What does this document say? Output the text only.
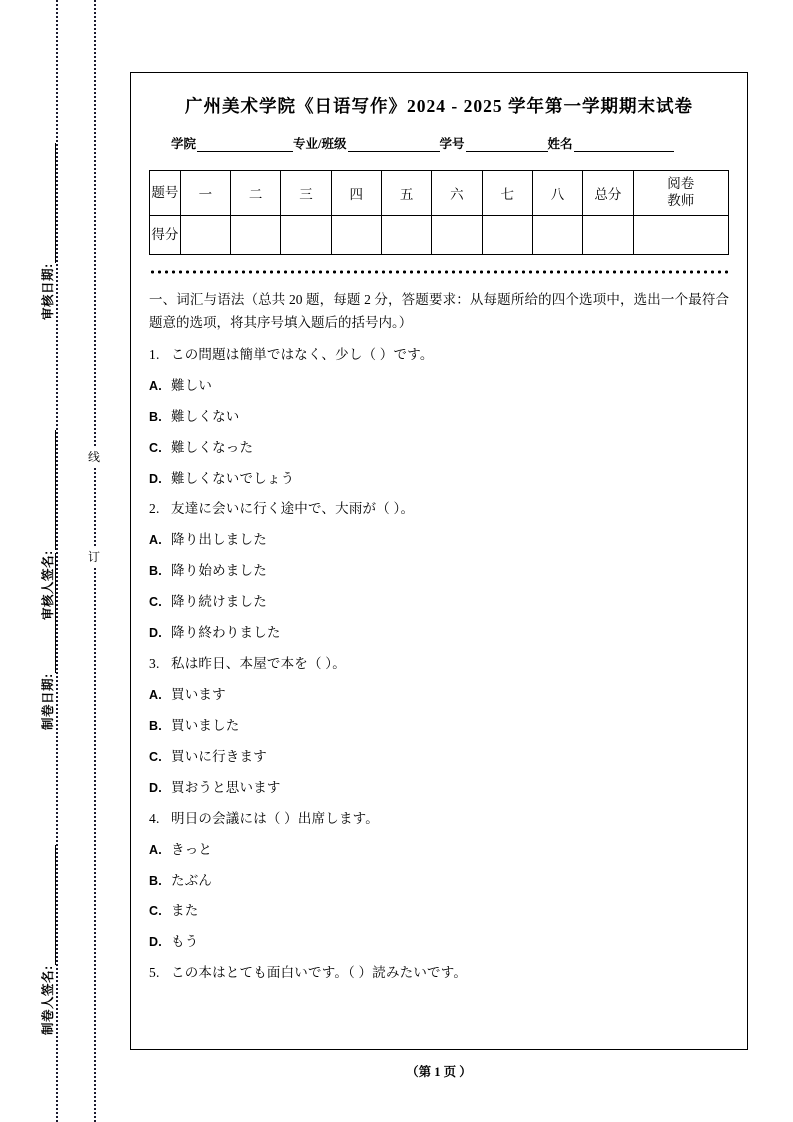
线
订
审核日期:
审核人签名:
制卷日期:
制卷人签名:
广州美术学院《日语写作》2024 - 2025 学年第一学期期末试卷
学院	专业/班级	学号	姓名
题号	一	二	三	四	五	六	七	八	总分	阅卷
教师

得分										

一、词汇与语法（总共 20 题，每题 2 分，答题要求：从每题所给的四个选项中，选出一个最符合题意的选项，将其序号填入题后的括号内。）
1. この問題は簡単ではなく、少し（ ）です。
A. 難しい
B. 難しくない
C. 難しくなった
D. 難しくないでしょう
2. 友達に会いに行く途中で、大雨が（ ）。
A. 降り出しました
B. 降り始めました
C. 降り続けました
D. 降り終わりました
3. 私は昨日、本屋で本を（ ）。
A. 買います
B. 買いました
C. 買いに行きます
D. 買おうと思います
4. 明日の会議には（ ）出席します。
A. きっと
B. たぶん
C. また
D. もう
5. この本はとても面白いです。（ ）読みたいです。
（第 1 页 ）
